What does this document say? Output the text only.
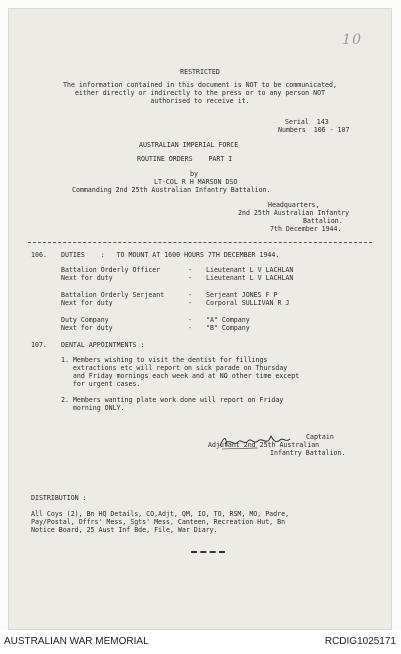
10
RESTRICTED
The information contained in this document is NOT to be communicated,
either directly or indirectly to the press or to any person NOT
authorised to receive it.
Serial  143
Numbers  106 - 107
AUSTRALIAN IMPERIAL FORCE
ROUTINE ORDERS    PART I
by
LT-COL R H MARSON DSO
Commanding 2nd 25th Australian Infantry Battalion.
Headquarters,
2nd 25th Australian Infantry
Battalion.
7th December 1944.
106. DUTIES    :   TO MOUNT AT 1600 HOURS 7TH DECEMBER 1944.
Battalion Orderly Officer	- Lieutenant L V LACHLAN
Next for duty	- Lieutenant L V LACHLAN
Battalion Orderly Serjeant	- Serjeant JONES F P
Next for duty	- Corporal SULLIVAN R J
Duty Company	- "A" Company
Next for duty	- "B" Company
107. DENTAL APPOINTMENTS :
1. Members wishing to visit the dentist for fillings
extractions etc will report on sick parade on Thursday
and Friday mornings each week and at NO other time except
for urgent cases.
2. Members wanting plate work done will report on Friday
morning ONLY.
Captain
Adjutant 2nd 25th Australian
Infantry Battalion.
DISTRIBUTION :
All Coys (2), Bn HQ Details, CO,Adjt, QM, IO, TO, RSM, MO, Padre,
Pay/Postal, Offrs' Mess, Sgts' Mess, Canteen, Recreation Hut, Bn
Notice Board, 25 Aust Inf Bde, File, War Diary.
AUSTRALIAN WAR MEMORIAL	RCDIG1025171
